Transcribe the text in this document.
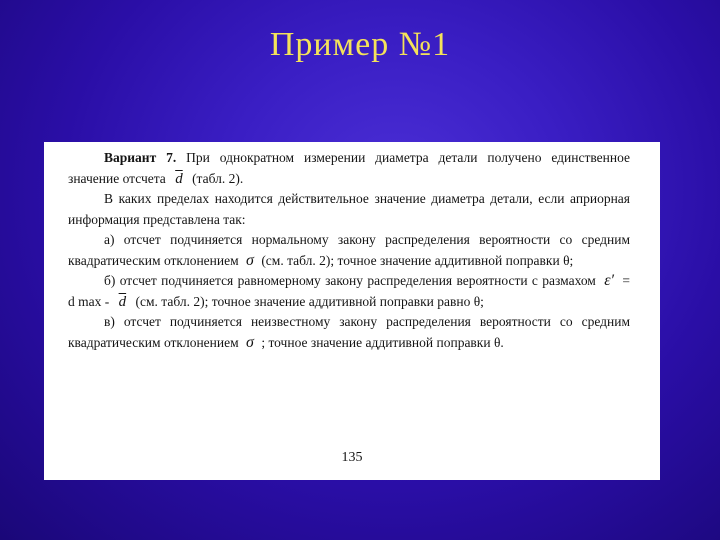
Пример №1

Вариант 7. При однократном измерении диаметра детали получено единственное значение отсчета $\overline{d}$ (табл. 2).

В каких пределах находится действительное значение диаметра детали, если априорная информация представлена так:

а) отсчет подчиняется нормальному закону распределения вероятности со средним квадратическим отклонением σ (см. табл. 2); точное значение аддитивной поправки θ;

б) отсчет подчиняется равномерному закону распределения вероятности с размахом ε′ = d max - $\overline{d}$ (см. табл. 2); точное значение аддитивной поправки равно θ;

в) отсчет подчиняется неизвестному закону распределения вероятности со средним квадратическим отклонением σ ; точное значение аддитивной поправки θ.

135
